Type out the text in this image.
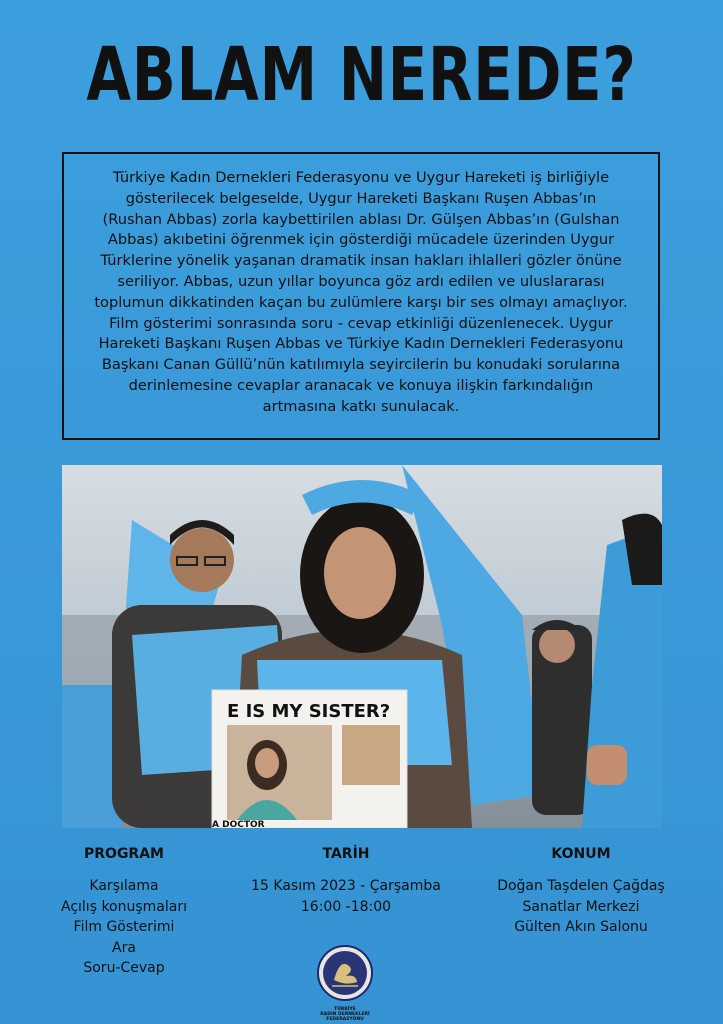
ABLAM NEREDE?
Türkiye Kadın Dernekleri Federasyonu ve Uygur Hareketi iş birliğiyle
gösterilecek belgeselde, Uygur Hareketi Başkanı Ruşen Abbas’ın
(Rushan Abbas) zorla kaybettirilen ablası Dr. Gülşen Abbas’ın (Gulshan
Abbas) akıbetini öğrenmek için gösterdiği mücadele üzerinden Uygur
Türklerine yönelik yaşanan dramatik insan hakları ihlalleri gözler önüne
seriliyor. Abbas, uzun yıllar boyunca göz ardı edilen ve uluslararası
toplumun dikkatinden kaçan bu zulümlere karşı bir ses olmayı amaçlıyor.
Film gösterimi sonrasında soru - cevap etkinliği düzenlenecek. Uygur
Hareketi Başkanı Ruşen Abbas ve Türkiye Kadın Dernekleri Federasyonu
Başkanı Canan Güllü’nün katılımıyla seyircilerin bu konudaki sorularına
derinlemesine cevaplar aranacak ve konuya ilişkin farkındalığın
artmasına katkı sunulacak.
E IS MY SISTER?
A DOCTOR
PROGRAM
Karşılama
Açılış konuşmaları
Film Gösterimi
Ara
Soru-Cevap
TARİH
15 Kasım 2023 - Çarşamba
16:00 -18:00
KONUM
Doğan Taşdelen Çağdaş
Sanatlar Merkezi
Gülten Akın Salonu
TÜRKİYE
KADIN DERNEKLERİ
FEDERASYONU
